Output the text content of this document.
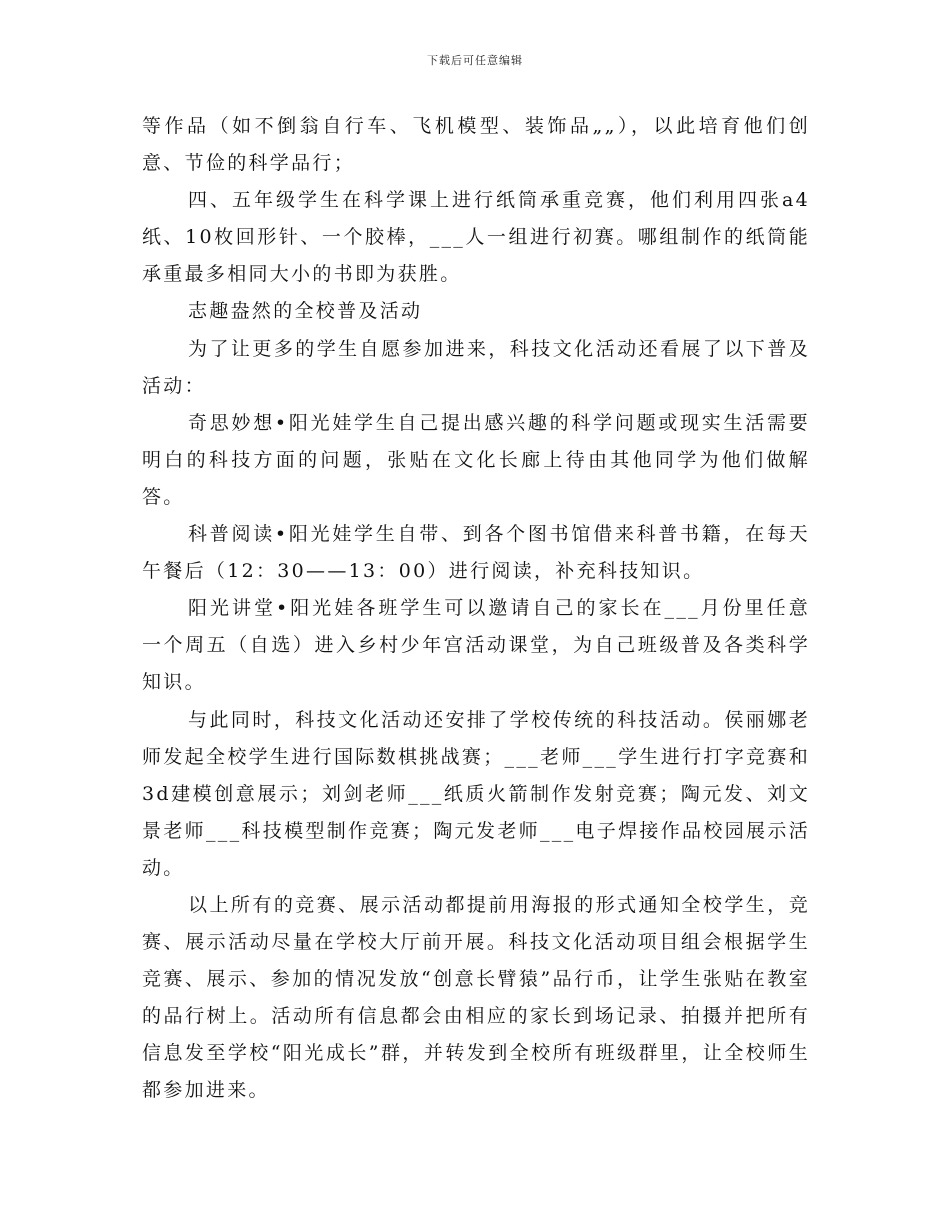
下载后可任意编辑

等作品（如不倒翁自行车、飞机模型、装饰品„„），以此培育他们创意、节俭的科学品行；

四、五年级学生在科学课上进行纸筒承重竞赛，他们利用四张a4纸、10枚回形针、一个胶棒，___人一组进行初赛。哪组制作的纸筒能承重最多相同大小的书即为获胜。

志趣盎然的全校普及活动

为了让更多的学生自愿参加进来，科技文化活动还看展了以下普及活动：

奇思妙想•阳光娃学生自己提出感兴趣的科学问题或现实生活需要明白的科技方面的问题，张贴在文化长廊上待由其他同学为他们做解答。

科普阅读•阳光娃学生自带、到各个图书馆借来科普书籍，在每天午餐后（12：30——13：00）进行阅读，补充科技知识。

阳光讲堂•阳光娃各班学生可以邀请自己的家长在___月份里任意一个周五（自选）进入乡村少年宫活动课堂，为自己班级普及各类科学知识。

与此同时，科技文化活动还安排了学校传统的科技活动。侯丽娜老师发起全校学生进行国际数棋挑战赛；___老师___学生进行打字竞赛和3d建模创意展示；刘剑老师___纸质火箭制作发射竞赛；陶元发、刘文景老师___科技模型制作竞赛；陶元发老师___电子焊接作品校园展示活动。

以上所有的竞赛、展示活动都提前用海报的形式通知全校学生，竞赛、展示活动尽量在学校大厅前开展。科技文化活动项目组会根据学生竞赛、展示、参加的情况发放“创意长臂猿”品行币，让学生张贴在教室的品行树上。活动所有信息都会由相应的家长到场记录、拍摄并把所有信息发至学校“阳光成长”群，并转发到全校所有班级群里，让全校师生都参加进来。
